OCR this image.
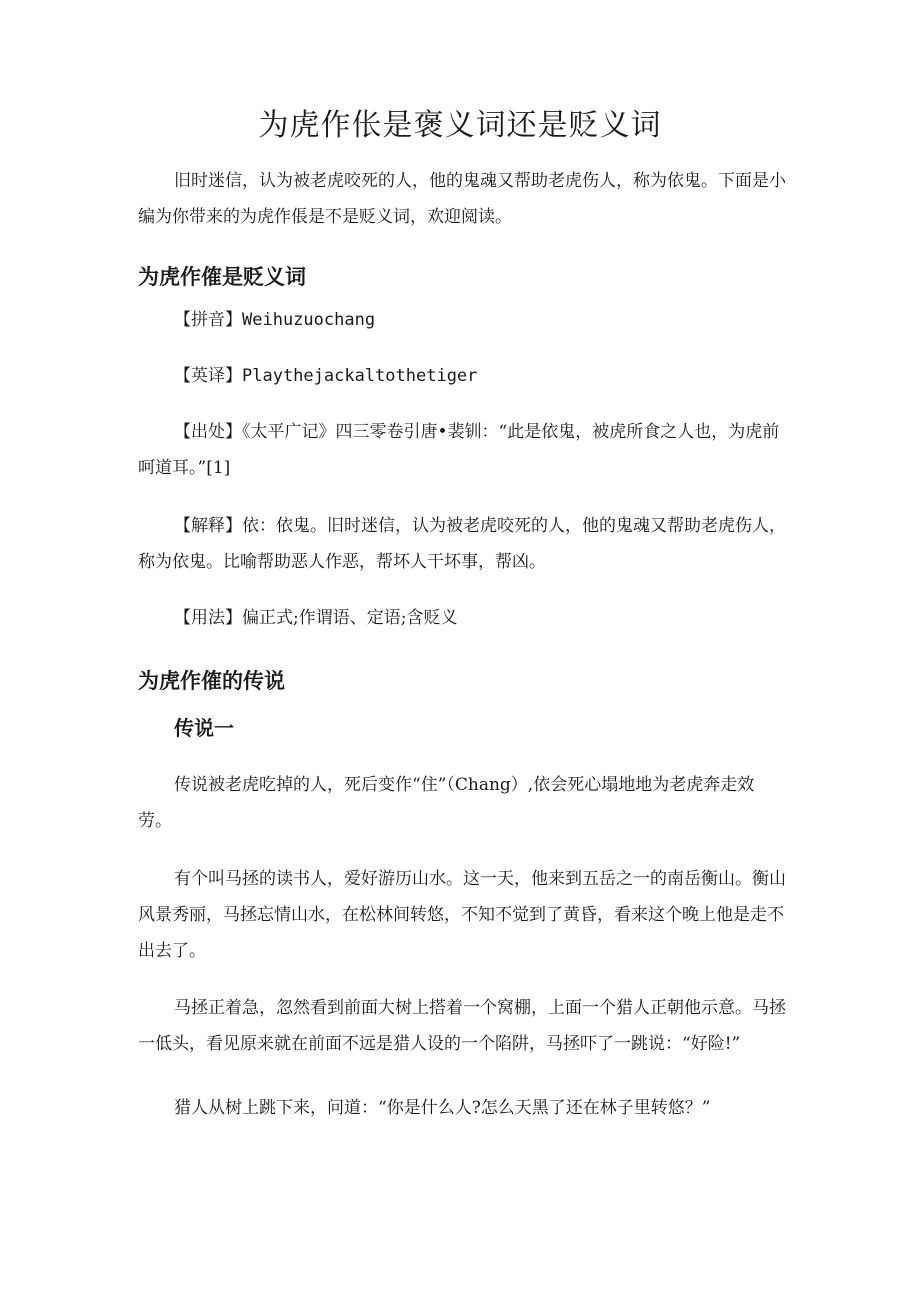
为虎作伥是褒义词还是贬义词

旧时迷信，认为被老虎咬死的人，他的鬼魂又帮助老虎伤人，称为依鬼。下面是小编为你带来的为虎作倀是不是贬义词，欢迎阅读。

为虎作傕是贬义词

【拼音】Weihuzuochang

【英译】Playthejackaltothetiger

【出处】《太平广记》四三零卷引唐•裴钏：“此是依鬼，被虎所食之人也，为虎前呵道耳。”[1]

【解释】依：依鬼。旧时迷信，认为被老虎咬死的人，他的鬼魂又帮助老虎伤人，称为依鬼。比喻帮助恶人作恶，帮坏人干坏事，帮凶。

【用法】偏正式;作谓语、定语;含贬义

为虎作傕的传说
传说一

传说被老虎吃掉的人，死后变作“住”（Chang）,依会死心塌地地为老虎奔走效劳。

有个叫马拯的读书人，爱好游历山水。这一天，他来到五岳之一的南岳衡山。衡山风景秀丽，马拯忘情山水，在松林间转悠，不知不觉到了黄昏，看来这个晚上他是走不出去了。

马拯正着急，忽然看到前面大树上搭着一个窝棚，上面一个猎人正朝他示意。马拯一低头，看见原来就在前面不远是猎人设的一个陷阱，马拯吓了一跳说：“好险!”

猎人从树上跳下来，问道：“你是什么人?怎么天黑了还在林子里转悠？”
